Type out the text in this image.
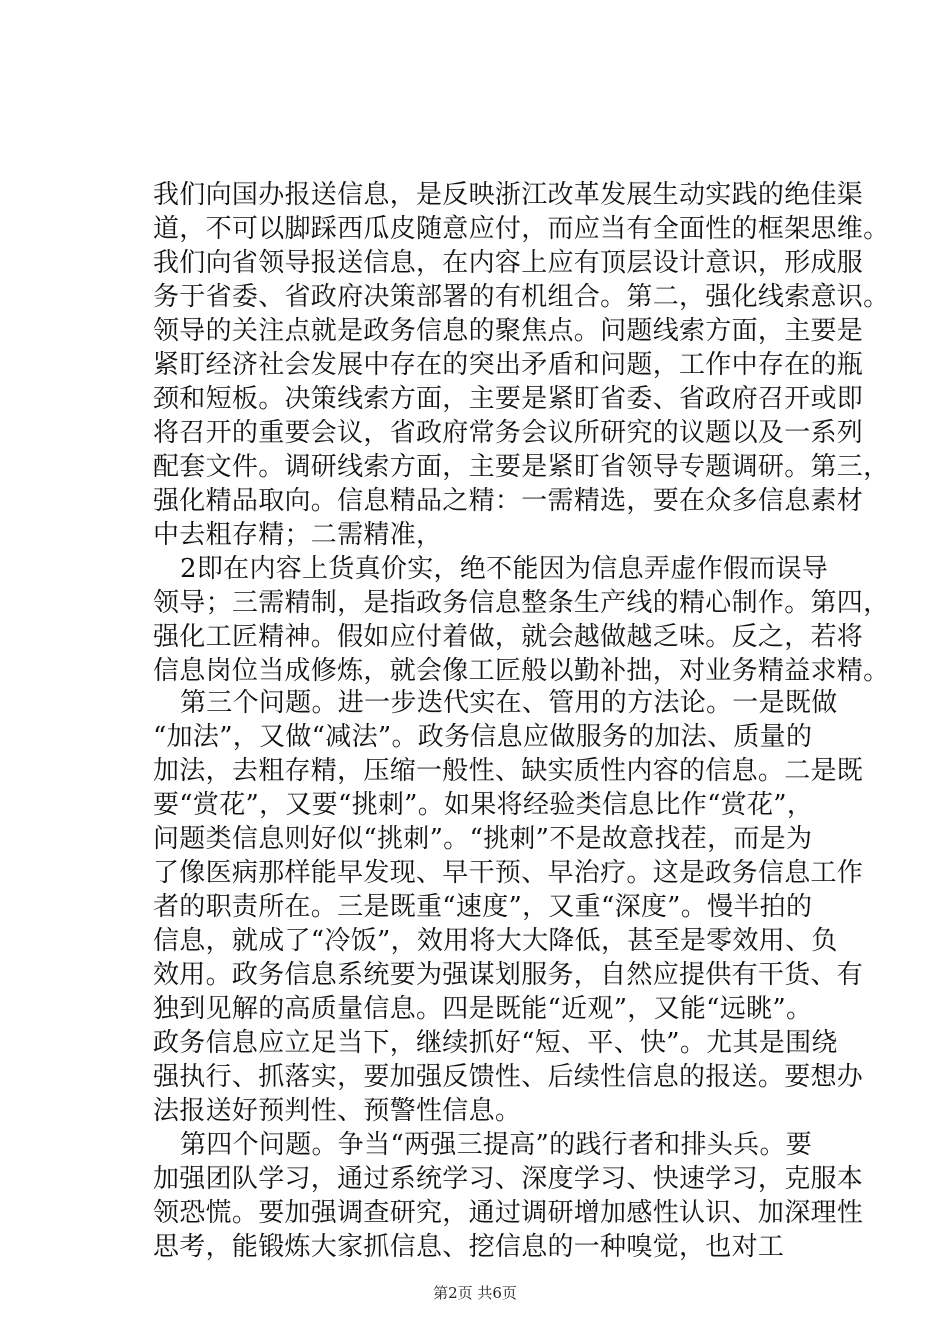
我们向国办报送信息，是反映浙江改革发展生动实践的绝佳渠
道，不可以脚踩西瓜皮随意应付，而应当有全面性的框架思维。
我们向省领导报送信息，在内容上应有顶层设计意识，形成服
务于省委、省政府决策部署的有机组合。第二，强化线索意识。
领导的关注点就是政务信息的聚焦点。问题线索方面，主要是
紧盯经济社会发展中存在的突出矛盾和问题，工作中存在的瓶
颈和短板。决策线索方面，主要是紧盯省委、省政府召开或即
将召开的重要会议，省政府常务会议所研究的议题以及一系列
配套文件。调研线索方面，主要是紧盯省领导专题调研。第三，
强化精品取向。信息精品之精：一需精选，要在众多信息素材
中去粗存精；二需精准，
2即在内容上货真价实，绝不能因为信息弄虚作假而误导
领导；三需精制，是指政务信息整条生产线的精心制作。第四，
强化工匠精神。假如应付着做，就会越做越乏味。反之，若将
信息岗位当成修炼，就会像工匠般以勤补拙，对业务精益求精。
第三个问题。进一步迭代实在、管用的方法论。一是既做
“加法”，又做“减法”。政务信息应做服务的加法、质量的
加法，去粗存精，压缩一般性、缺实质性内容的信息。二是既
要“赏花”，又要“挑刺”。如果将经验类信息比作“赏花”，
问题类信息则好似“挑刺”。“挑刺”不是故意找茬，而是为
了像医病那样能早发现、早干预、早治疗。这是政务信息工作
者的职责所在。三是既重“速度”，又重“深度”。慢半拍的
信息，就成了“冷饭”，效用将大大降低，甚至是零效用、负
效用。政务信息系统要为强谋划服务，自然应提供有干货、有
独到见解的高质量信息。四是既能“近观”，又能“远眺”。
政务信息应立足当下，继续抓好“短、平、快”。尤其是围绕
强执行、抓落实，要加强反馈性、后续性信息的报送。要想办
法报送好预判性、预警性信息。
第四个问题。争当“两强三提高”的践行者和排头兵。要
加强团队学习，通过系统学习、深度学习、快速学习，克服本
领恐慌。要加强调查研究，通过调研增加感性认识、加深理性
思考，能锻炼大家抓信息、挖信息的一种嗅觉，也对工
第2页 共6页
